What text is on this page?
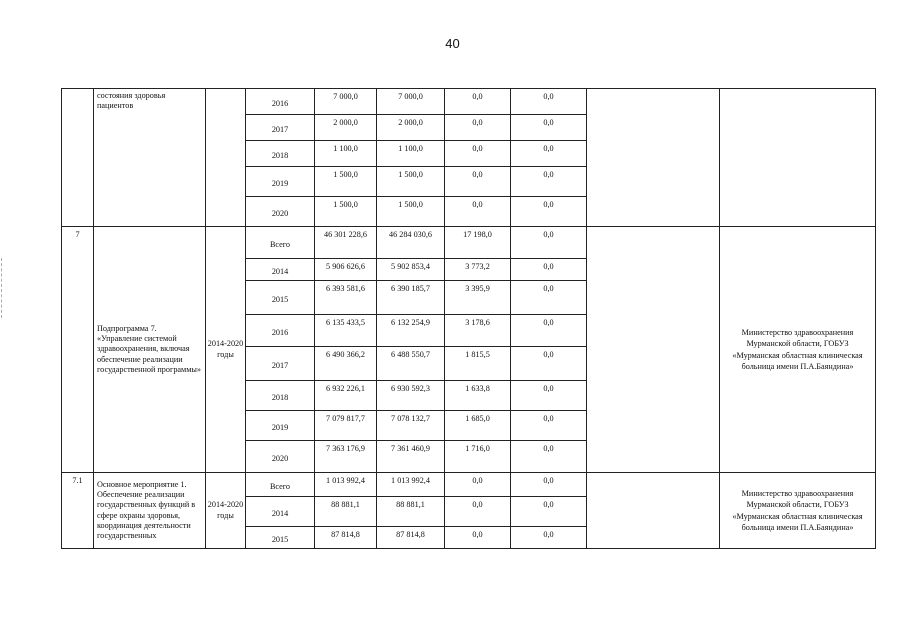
40
	состояния здоровья пациентов		2016	7 000,0	7 000,0	0,0	0,0		
			2017	2 000,0	2 000,0	0,0	0,0		
			2018	1 100,0	1 100,0	0,0	0,0		
			2019	1 500,0	1 500,0	0,0	0,0		
			2020	1 500,0	1 500,0	0,0	0,0		
7	Подпрограмма 7. «Управление системой здравоохранения, включая обеспечение реализации государственной программы»	2014-2020 годы	Всего	46 301 228,6	46 284 030,6	17 198,0	0,0		Министерство здравоохранения Мурманской области, ГОБУЗ «Мурманская областная клиническая больница имени П.А.Баяндина»
			2014	5 906 626,6	5 902 853,4	3 773,2	0,0		
			2015	6 393 581,6	6 390 185,7	3 395,9	0,0		
			2016	6 135 433,5	6 132 254,9	3 178,6	0,0		
			2017	6 490 366,2	6 488 550,7	1 815,5	0,0		
			2018	6 932 226,1	6 930 592,3	1 633,8	0,0		
			2019	7 079 817,7	7 078 132,7	1 685,0	0,0		
			2020	7 363 176,9	7 361 460,9	1 716,0	0,0		
7.1	Основное мероприятие 1. Обеспечение реализации государственных функций в сфере охраны здоровья, координация деятельности государственных	2014-2020 годы	Всего	1 013 992,4	1 013 992,4	0,0	0,0		Министерство здравоохранения Мурманской области, ГОБУЗ «Мурманская областная клиническая больница имени П.А.Баяндина»
			2014	88 881,1	88 881,1	0,0	0,0		
			2015	87 814,8	87 814,8	0,0	0,0		
